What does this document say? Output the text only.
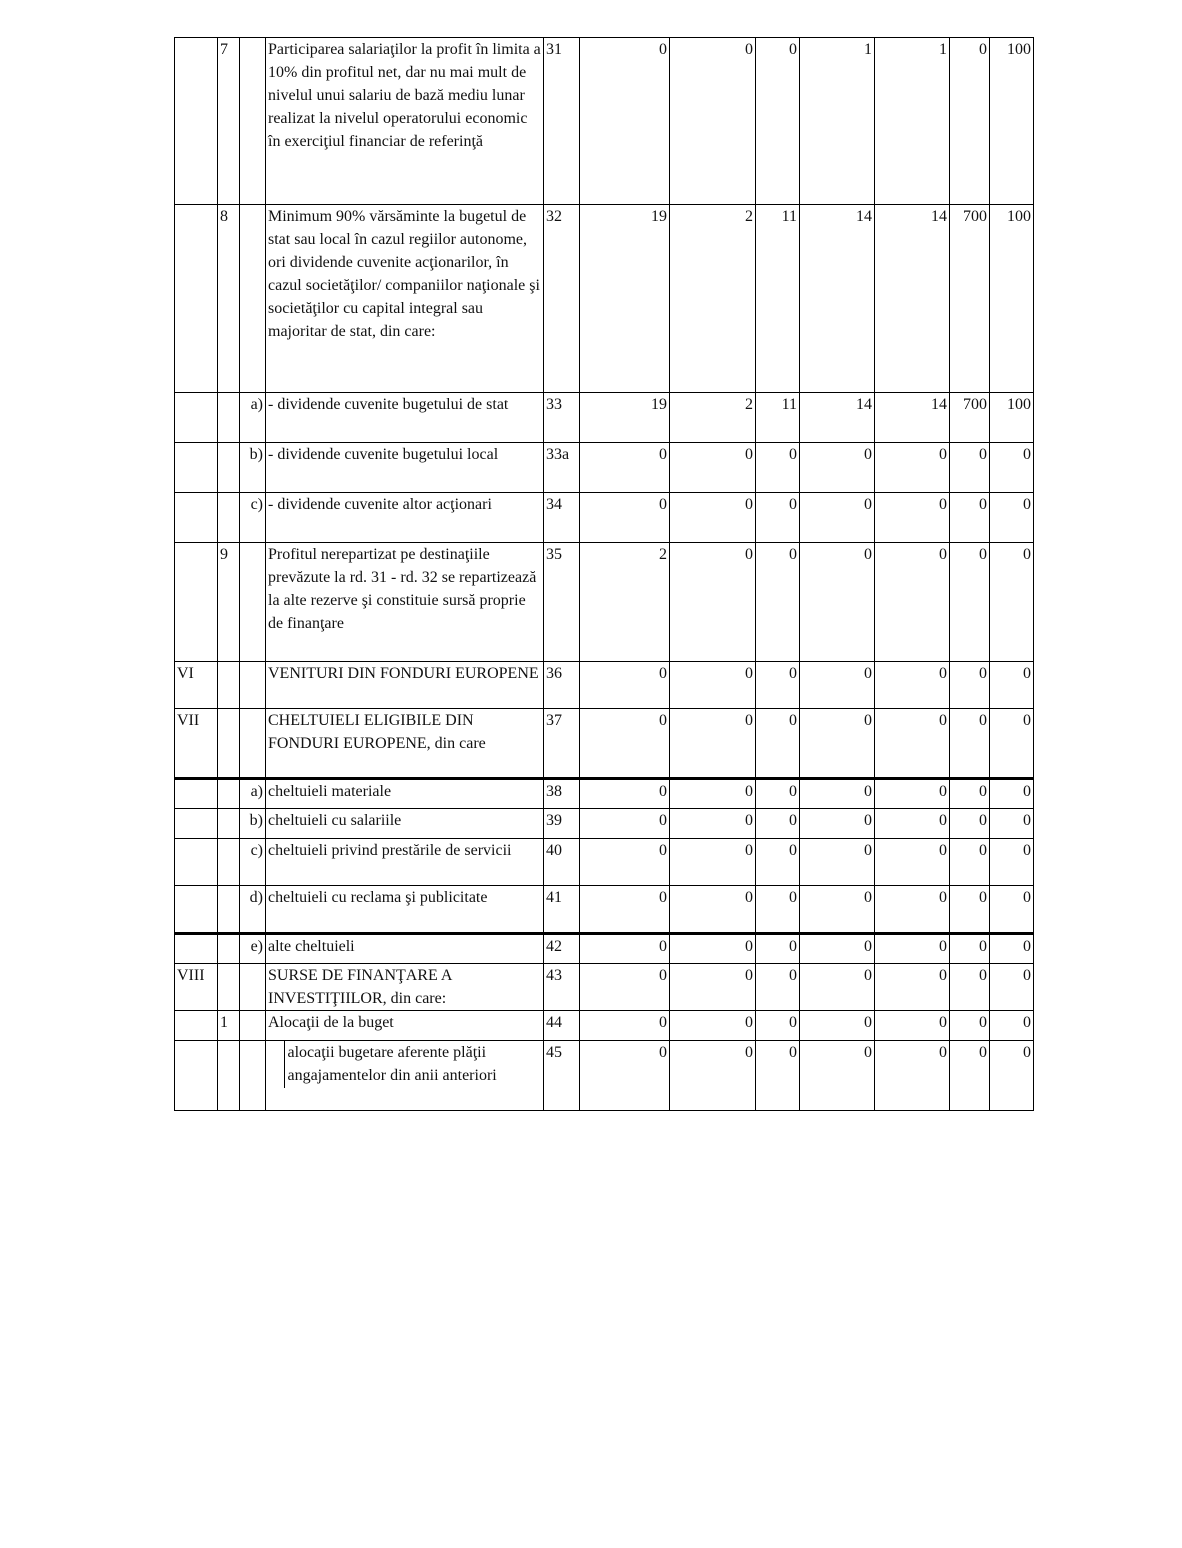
	7		Participarea salariaţilor la profit în limita a 10% din profitul net, dar nu mai mult de nivelul unui salariu de bază mediu lunar realizat la nivelul operatorului economic în exerciţiul financiar de referinţă	31	0	0	0	1	1	0	100
	8		Minimum 90% vărsăminte la bugetul de stat sau local în cazul regiilor autonome, ori dividende cuvenite acţionarilor, în cazul societăţilor/ companiilor naţionale şi societăţilor cu capital integral sau majoritar de stat, din care:	32	19	2	11	14	14	700	100
		a)	- dividende cuvenite bugetului de stat	33	19	2	11	14	14	700	100
		b)	- dividende cuvenite bugetului local	33a	0	0	0	0	0	0	0
		c)	- dividende cuvenite altor acţionari	34	0	0	0	0	0	0	0
	9		Profitul nerepartizat pe destinaţiile prevăzute la rd. 31 - rd. 32 se repartizează la alte rezerve şi constituie sursă proprie de finanţare	35	2	0	0	0	0	0	0
VI			VENITURI DIN FONDURI EUROPENE	36	0	0	0	0	0	0	0
VII			CHELTUIELI ELIGIBILE DIN FONDURI EUROPENE, din care	37	0	0	0	0	0	0	0
		a)	cheltuieli materiale	38	0	0	0	0	0	0	0
		b)	cheltuieli cu salariile	39	0	0	0	0	0	0	0
		c)	cheltuieli privind prestările de servicii	40	0	0	0	0	0	0	0
		d)	cheltuieli cu reclama şi publicitate	41	0	0	0	0	0	0	0
		e)	alte cheltuieli	42	0	0	0	0	0	0	0
VIII			SURSE DE FINANŢARE A INVESTIŢIILOR, din care:	43	0	0	0	0	0	0	0
	1		Alocaţii de la buget	44	0	0	0	0	0	0	0

			alocaţii bugetare aferente plăţii angajamentelor din anii anteriori	45	0	0	0	0	0	0	0
